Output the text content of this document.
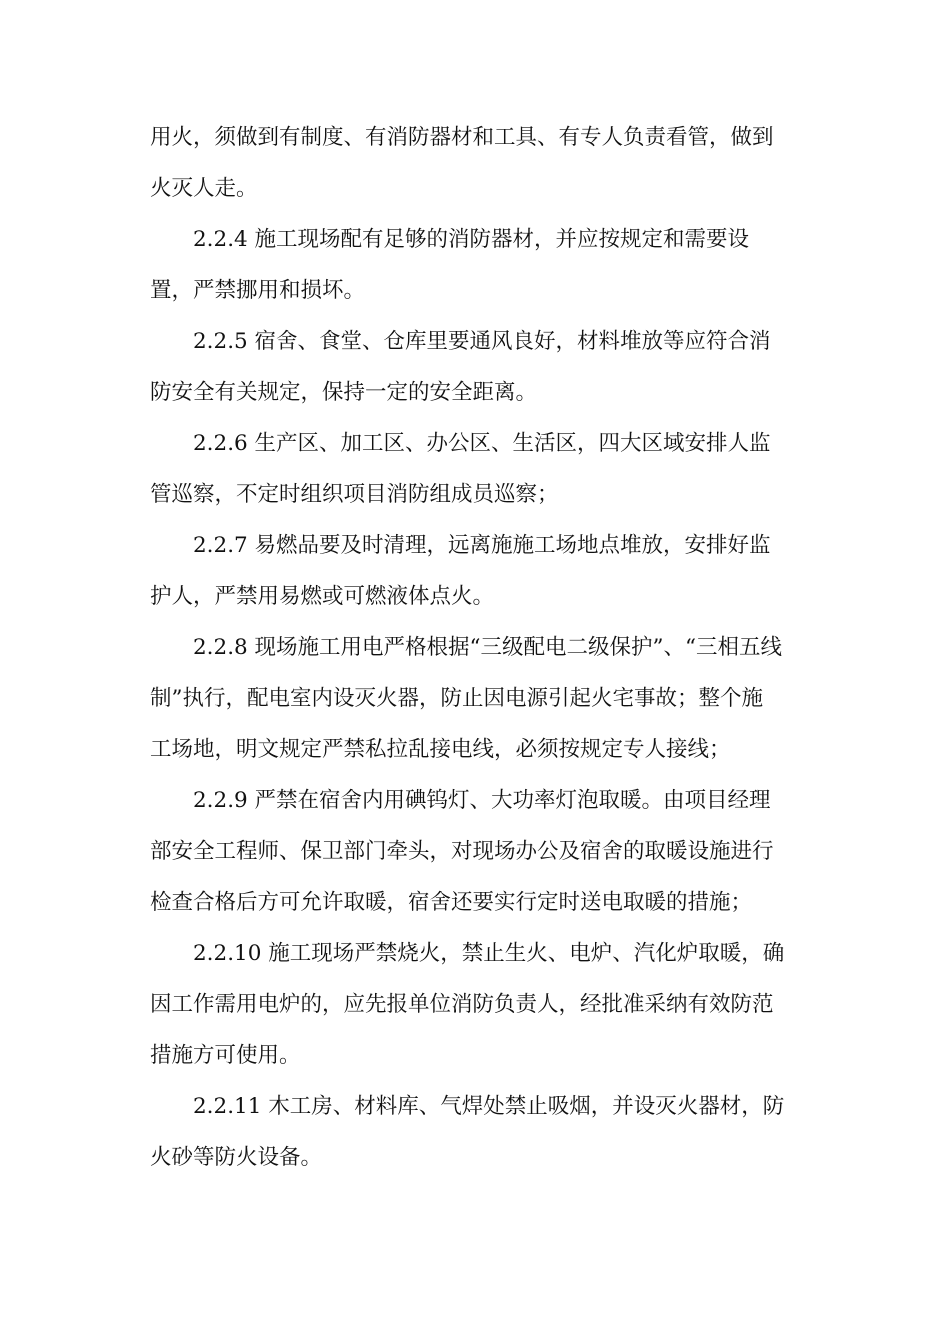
用火，须做到有制度、有消防器材和工具、有专人负责看管，做到
火灭人走。

2.2.4 施工现场配有足够的消防器材，并应按规定和需要设
置，严禁挪用和损坏。

2.2.5 宿舍、食堂、仓库里要通风良好，材料堆放等应符合消
防安全有关规定，保持一定的安全距离。

2.2.6 生产区、加工区、办公区、生活区，四大区域安排人监
管巡察，不定时组织项目消防组成员巡察；

2.2.7 易燃品要及时清理，远离施施工场地点堆放，安排好监
护人，严禁用易燃或可燃液体点火。

2.2.8 现场施工用电严格根据“三级配电二级保护”、“三相五线
制”执行，配电室内设灭火器，防止因电源引起火宅事故；整个施
工场地，明文规定严禁私拉乱接电线，必须按规定专人接线；

2.2.9 严禁在宿舍内用碘钨灯、大功率灯泡取暖。由项目经理
部安全工程师、保卫部门牵头，对现场办公及宿舍的取暖设施进行
检查合格后方可允许取暖，宿舍还要实行定时送电取暖的措施；

2.2.10 施工现场严禁烧火，禁止生火、电炉、汽化炉取暖，确
因工作需用电炉的，应先报单位消防负责人，经批准采纳有效防范
措施方可使用。

2.2.11 木工房、材料库、气焊处禁止吸烟，并设灭火器材，防
火砂等防火设备。
